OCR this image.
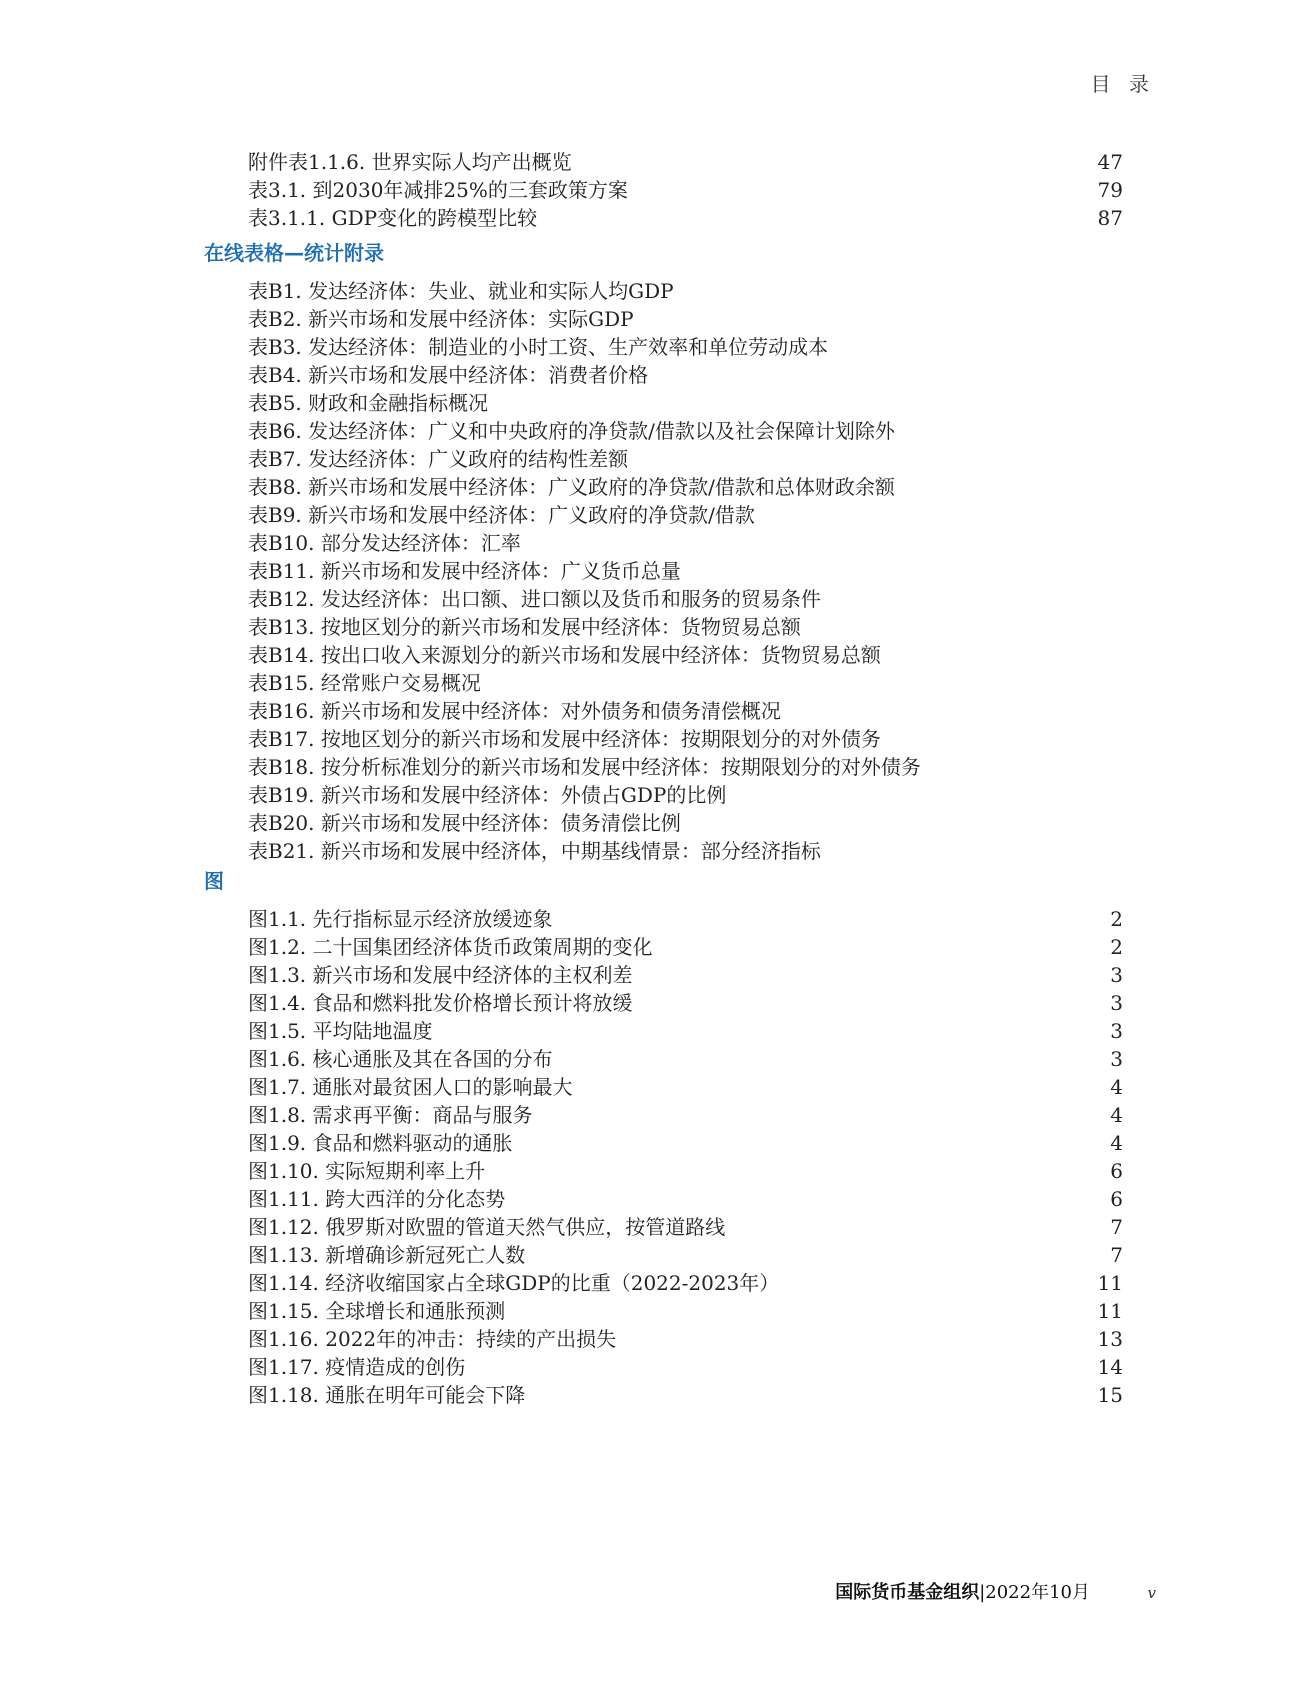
目 录
附件表1.1.6. 世界实际人均产出概览	47
表3.1. 到2030年减排25%的三套政策方案	79
表3.1.1. GDP变化的跨模型比较	87
在线表格—统计附录
表B1. 发达经济体：失业、就业和实际人均GDP
表B2. 新兴市场和发展中经济体：实际GDP
表B3. 发达经济体：制造业的小时工资、生产效率和单位劳动成本
表B4. 新兴市场和发展中经济体：消费者价格
表B5. 财政和金融指标概况
表B6. 发达经济体：广义和中央政府的净贷款/借款以及社会保障计划除外
表B7. 发达经济体：广义政府的结构性差额
表B8. 新兴市场和发展中经济体：广义政府的净贷款/借款和总体财政余额
表B9. 新兴市场和发展中经济体：广义政府的净贷款/借款
表B10. 部分发达经济体：汇率
表B11. 新兴市场和发展中经济体：广义货币总量
表B12. 发达经济体：出口额、进口额以及货币和服务的贸易条件
表B13. 按地区划分的新兴市场和发展中经济体：货物贸易总额
表B14. 按出口收入来源划分的新兴市场和发展中经济体：货物贸易总额
表B15. 经常账户交易概况
表B16. 新兴市场和发展中经济体：对外债务和债务清偿概况
表B17. 按地区划分的新兴市场和发展中经济体：按期限划分的对外债务
表B18. 按分析标准划分的新兴市场和发展中经济体：按期限划分的对外债务
表B19. 新兴市场和发展中经济体：外债占GDP的比例
表B20. 新兴市场和发展中经济体：债务清偿比例
表B21. 新兴市场和发展中经济体，中期基线情景：部分经济指标
图
图1.1. 先行指标显示经济放缓迹象	2
图1.2. 二十国集团经济体货币政策周期的变化	2
图1.3. 新兴市场和发展中经济体的主权利差	3
图1.4. 食品和燃料批发价格增长预计将放缓	3
图1.5. 平均陆地温度	3
图1.6. 核心通胀及其在各国的分布	3
图1.7. 通胀对最贫困人口的影响最大	4
图1.8. 需求再平衡：商品与服务	4
图1.9. 食品和燃料驱动的通胀	4
图1.10. 实际短期利率上升	6
图1.11. 跨大西洋的分化态势	6
图1.12. 俄罗斯对欧盟的管道天然气供应，按管道路线	7
图1.13. 新增确诊新冠死亡人数	7
图1.14. 经济收缩国家占全球GDP的比重（2022-2023年）	11
图1.15. 全球增长和通胀预测	11
图1.16. 2022年的冲击：持续的产出损失	13
图1.17. 疫情造成的创伤	14
图1.18. 通胀在明年可能会下降	15
国际货币基金组织|2022年10月	v
